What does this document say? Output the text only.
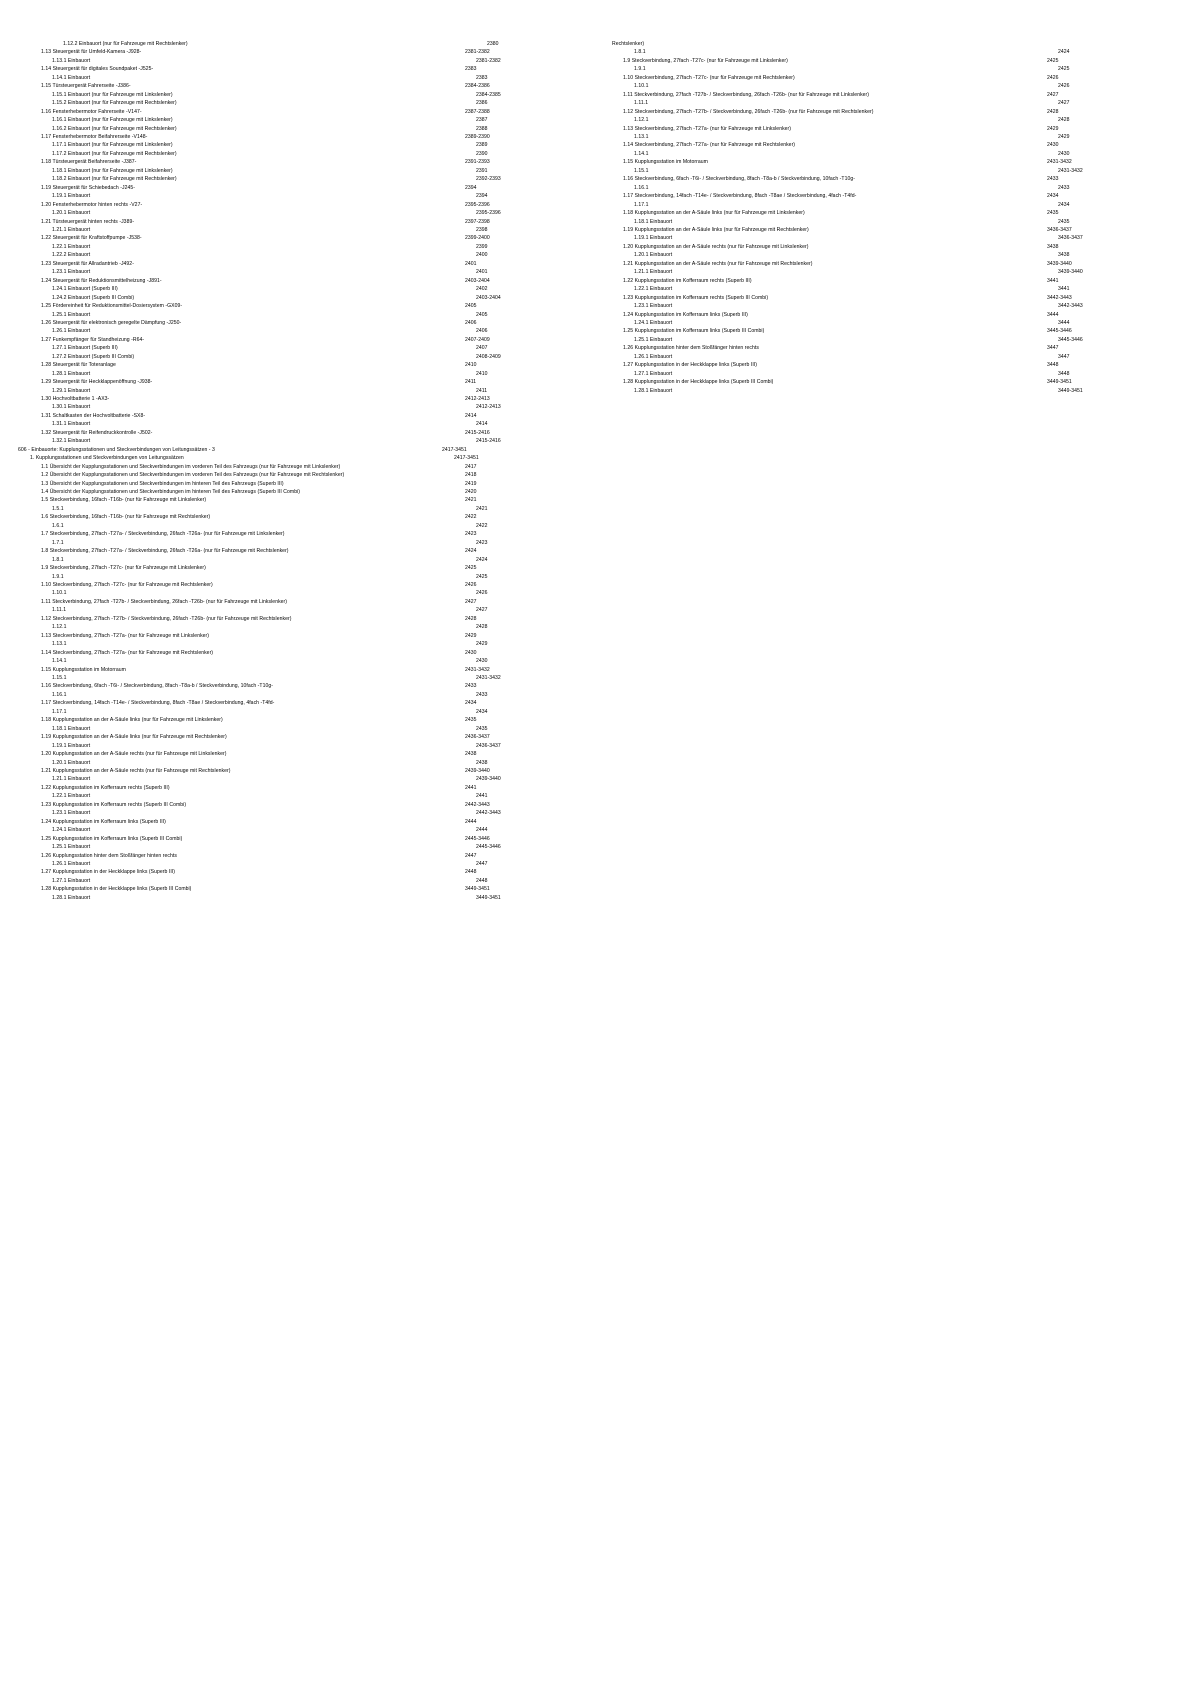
1.12.2 Einbauort (nur für Fahrzeuge mit Rechtslenker)	2380
1.13 Steuergerät für Umfeld-Kamera -J928-	2381-2382
1.13.1 Einbauort	2381-2382
1.14 Steuergerät für digitales Soundpaket -J525-	2383
1.14.1 Einbauort	2383
1.15 Türsteuergerät Fahrerseite -J386-	2384-2386
1.15.1 Einbauort (nur für Fahrzeuge mit Linkslenker)	2384-2385
1.15.2 Einbauort (nur für Fahrzeuge mit Rechtslenker)	2386
1.16 Fensterhebermotor Fahrerseite -V147-	2387-2388
1.16.1 Einbauort (nur für Fahrzeuge mit Linkslenker)	2387
1.16.2 Einbauort (nur für Fahrzeuge mit Rechtslenker)	2388
1.17 Fensterhebermotor Beifahrerseite -V148-	2389-2390
1.17.1 Einbauort (nur für Fahrzeuge mit Linkslenker)	2389
1.17.2 Einbauort (nur für Fahrzeuge mit Rechtslenker)	2390
1.18 Türsteuergerät Beifahrerseite -J387-	2391-2393
1.18.1 Einbauort (nur für Fahrzeuge mit Linkslenker)	2391
1.18.2 Einbauort (nur für Fahrzeuge mit Rechtslenker)	2392-2393
1.19 Steuergerät für Schiebedach -J245-	2394
1.19.1 Einbauort	2394
1.20 Fensterhebermotor hinten rechts -V27-	2395-2396
1.20.1 Einbauort	2395-2396
1.21 Türsteuergerät hinten rechts -J389-	2397-2398
1.21.1 Einbauort	2398
1.22 Steuergerät für Kraftstoffpumpe -J538-	2399-2400
1.22.1 Einbauort	2399
1.22.2 Einbauort	2400
1.23 Steuergerät für Allradantrieb -J492-	2401
1.23.1 Einbauort	2401
1.24 Steuergerät für Reduktionsmittelheizung -J891-	2403-2404
1.24.1 Einbauort (Superb III)	2402
1.24.2 Einbauort (Superb III Combi)	2403-2404
1.25 Fördereinheit für Reduktionsmittel-Dosiersystem -GX09-	2405
1.25.1 Einbauort	2405
1.26 Steuergerät für elektronisch geregelte Dämpfung -J250-	2406
1.26.1 Einbauort	2406
1.27 Funkempfänger für Standheizung -R64-	2407-2409
1.27.1 Einbauort (Superb III)	2407
1.27.2 Einbauort (Superb III Combi)	2408-2409
1.28 Steuergerät für Toteranlage	2410
1.28.1 Einbauort	2410
1.29 Steuergerät für Heckklappenöffnung -J938-	2411
1.29.1 Einbauort	2411
1.30 Hochvoltbatterie 1 -AX3-	2412-2413
1.30.1 Einbauort	2412-2413
1.31 Schaltkasten der Hochvoltbatterie -SX8-	2414
1.31.1 Einbauort	2414
1.32 Steuergerät für Reifendruckkontrolle -J502-	2415-2416
1.32.1 Einbauort	2415-2416
606 - Einbauorte: Kupplungsstationen und Steckverbindungen von Leitungssätzen - 3	2417-3451
1. Kupplungsstationen und Steckverbindungen von Leitungssätzen	2417-3451
1.1 Übersicht der Kupplungsstationen und Steckverbindungen im vorderen Teil des Fahrzeugs (nur für Fahrzeuge mit Linkslenker)	2417
1.2 Übersicht der Kupplungsstationen und Steckverbindungen im vorderen Teil des Fahrzeugs (nur für Fahrzeuge mit Rechtslenker)	2418
1.3 Übersicht der Kupplungsstationen und Steckverbindungen im hinteren Teil des Fahrzeugs (Superb III)	2419
1.4 Übersicht der Kupplungsstationen und Steckverbindungen im hinteren Teil des Fahrzeugs (Superb III Combi)	2420
1.5 Steckverbindung, 16fach -T16b- (nur für Fahrzeuge mit Linkslenker)	2421
1.5.1	2421
1.6 Steckverbindung, 16fach -T16b- (nur für Fahrzeuge mit Rechtslenker)	2422
1.6.1	2422
1.7 Steckverbindung, 27fach -T27a- / Steckverbindung, 26fach -T26a- (nur für Fahrzeuge mit Linkslenker)	2423
1.7.1	2423
1.8 Steckverbindung, 27fach -T27a- / Steckverbindung, 26fach -T26a- (nur für Fahrzeuge mit Rechtslenker)	2424
1.8.1	2424
1.9 Steckverbindung, 27fach -T27c- (nur für Fahrzeuge mit Linkslenker)	2425
1.9.1	2425
1.10 Steckverbindung, 27fach -T27c- (nur für Fahrzeuge mit Rechtslenker)	2426
1.10.1	2426
1.11 Steckverbindung, 27fach -T27b- / Steckverbindung, 26fach -T26b- (nur für Fahrzeuge mit Linkslenker)	2427
1.11.1	2427
1.12 Steckverbindung, 27fach -T27b- / Steckverbindung, 26fach -T26b- (nur für Fahrzeuge mit Rechtslenker)	2428
1.12.1	2428
1.13 Steckverbindung, 27fach -T27a- (nur für Fahrzeuge mit Linkslenker)	2429
1.13.1	2429
1.14 Steckverbindung, 27fach -T27a- (nur für Fahrzeuge mit Rechtslenker)	2430
1.14.1	2430
1.15 Kupplungsstation im Motorraum	2431-3432
1.15.1	2431-3432
1.16 Steckverbindung, 6fach -T6i- / Steckverbindung, 8fach -T8a-b / Steckverbindung, 10fach -T10g-	2433
1.16.1	2433
1.17 Steckverbindung, 14fach -T14e- / Steckverbindung, 8fach -T8ae / Steckverbindung, 4fach -T4fd-	2434
1.17.1	2434
1.18 Kupplungsstation an der A-Säule links (nur für Fahrzeuge mit Linkslenker)	2435
1.18.1 Einbauort	2435
1.19 Kupplungsstation an der A-Säule links (nur für Fahrzeuge mit Rechtslenker)	2436-3437
1.19.1 Einbauort	2436-3437
1.20 Kupplungsstation an der A-Säule rechts (nur für Fahrzeuge mit Linkslenker)	2438
1.20.1 Einbauort	2438
1.21 Kupplungsstation an der A-Säule rechts (nur für Fahrzeuge mit Rechtslenker)	2439-3440
1.21.1 Einbauort	2439-3440
1.22 Kupplungsstation im Kofferraum rechts (Superb III)	2441
1.22.1 Einbauort	2441
1.23 Kupplungsstation im Kofferraum rechts (Superb III Combi)	2442-3443
1.23.1 Einbauort	2442-3443
1.24 Kupplungsstation im Kofferraum links (Superb III)	2444
1.24.1 Einbauort	2444
1.25 Kupplungsstation im Kofferraum links (Superb III Combi)	2445-3446
1.25.1 Einbauort	2445-3446
1.26 Kupplungsstation hinter dem Stoßfänger hinten rechts	2447
1.26.1 Einbauort	2447
1.27 Kupplungsstation in der Heckklappe links (Superb III)	2448
1.27.1 Einbauort	2448
1.28 Kupplungsstation in der Heckklappe links (Superb III Combi)	3449-3451
1.28.1 Einbauort	3449-3451
Rechtslenker)
1.8.1	2424
1.9 Steckverbindung, 27fach -T27c- (nur für Fahrzeuge mit Linkslenker)	2425
1.9.1	2425
1.10 Steckverbindung, 27fach -T27c- (nur für Fahrzeuge mit Rechtslenker)	2426
1.10.1	2426
1.11 Steckverbindung, 27fach -T27b- / Steckverbindung, 26fach -T26b- (nur für Fahrzeuge mit Linkslenker)	2427
1.11.1	2427
1.12 Steckverbindung, 27fach -T27b- / Steckverbindung, 26fach -T26b- (nur für Fahrzeuge mit Rechtslenker)	2428
1.12.1	2428
1.13 Steckverbindung, 27fach -T27a- (nur für Fahrzeuge mit Linkslenker)	2429
1.13.1	2429
1.14 Steckverbindung, 27fach -T27a- (nur für Fahrzeuge mit Rechtslenker)	2430
1.14.1	2430
1.15 Kupplungsstation im Motorraum	2431-3432
1.15.1	2431-3432
1.16 Steckverbindung, 6fach -T6i- / Steckverbindung, 8fach -T8a-b / Steckverbindung, 10fach -T10g-	2433
1.16.1	2433
1.17 Steckverbindung, 14fach -T14e- / Steckverbindung, 8fach -T8ae / Steckverbindung, 4fach -T4fd-	2434
1.17.1	2434
1.18 Kupplungsstation an der A-Säule links (nur für Fahrzeuge mit Linkslenker)	2435
1.18.1 Einbauort	2435
1.19 Kupplungsstation an der A-Säule links (nur für Fahrzeuge mit Rechtslenker)	3436-3437
1.19.1 Einbauort	3436-3437
1.20 Kupplungsstation an der A-Säule rechts (nur für Fahrzeuge mit Linkslenker)	3438
1.20.1 Einbauort	3438
1.21 Kupplungsstation an der A-Säule rechts (nur für Fahrzeuge mit Rechtslenker)	3439-3440
1.21.1 Einbauort	3439-3440
1.22 Kupplungsstation im Kofferraum rechts (Superb III)	3441
1.22.1 Einbauort	3441
1.23 Kupplungsstation im Kofferraum rechts (Superb III Combi)	3442-3443
1.23.1 Einbauort	3442-3443
1.24 Kupplungsstation im Kofferraum links (Superb III)	3444
1.24.1 Einbauort	3444
1.25 Kupplungsstation im Kofferraum links (Superb III Combi)	3445-3446
1.25.1 Einbauort	3445-3446
1.26 Kupplungsstation hinter dem Stoßfänger hinten rechts	3447
1.26.1 Einbauort	3447
1.27 Kupplungsstation in der Heckklappe links (Superb III)	3448
1.27.1 Einbauort	3448
1.28 Kupplungsstation in der Heckklappe links (Superb III Combi)	3449-3451
1.28.1 Einbauort	3449-3451
